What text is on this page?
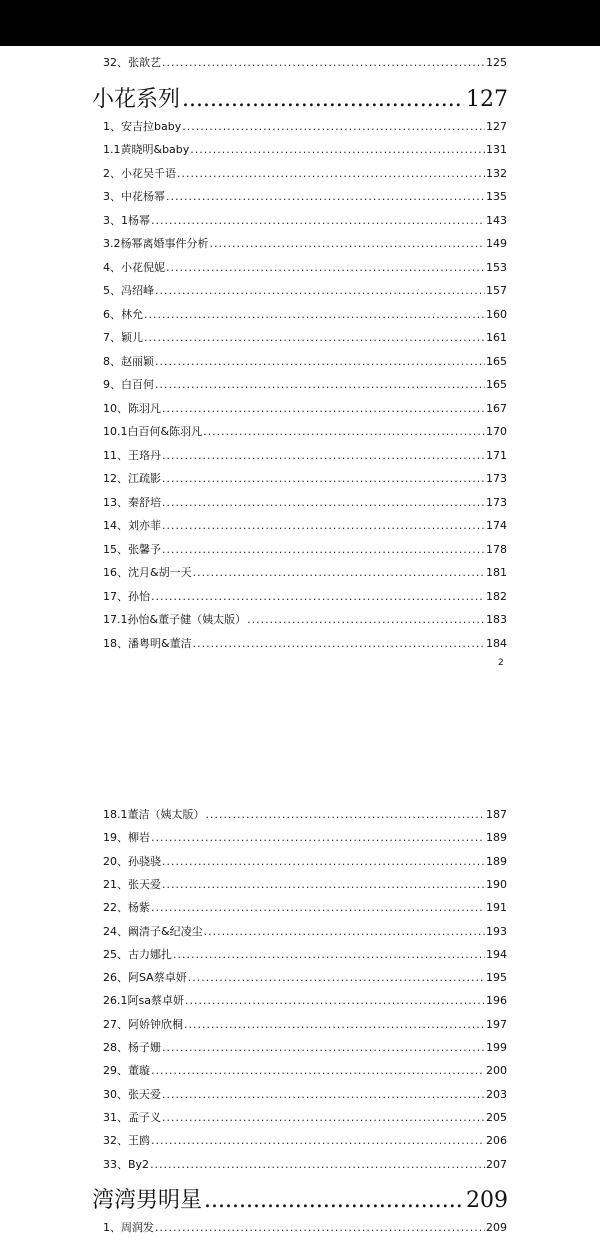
32、张歆艺 .....	125
小花系列 .....	127
1、安吉拉baby .....	127
1.1黄晓明&baby .....	131
2、小花吴千语 .....	132
3、中花杨幂 .....	135
3、1杨幂 .....	143
3.2杨幂离婚事件分析 .....	149
4、小花倪妮 .....	153
5、冯绍峰 .....	157
6、林允 .....	160
7、颖儿 .....	161
8、赵丽颖 .....	165
9、白百何 .....	165
10、陈羽凡 .....	167
10.1白百何&陈羽凡 .....	170
11、王珞丹 .....	171
12、江疏影 .....	173
13、秦舒培 .....	173
14、刘亦菲 .....	174
15、张馨予 .....	178
16、沈月&胡一天 .....	181
17、孙怡 .....	182
17.1孙怡&董子健（姨太版） .....	183
18、潘粤明&董洁 .....	184
2
18.1董洁（姨太版） .....	187
19、柳岩 .....	189
20、孙骁骁 .....	189
21、张天爱 .....	190
22、杨紫 .....	191
24、阚清子&纪凌尘 .....	193
25、古力娜扎 .....	194
26、阿SA蔡卓妍 .....	195
26.1阿sa蔡卓妍 .....	196
27、阿娇钟欣桐 .....	197
28、杨子姗 .....	199
29、董璇 .....	200
30、张天爱 .....	203
31、孟子义 .....	205
32、王鸥 .....	206
33、By2 .....	207
湾湾男明星 .....	209
1、周润发 .....	209
